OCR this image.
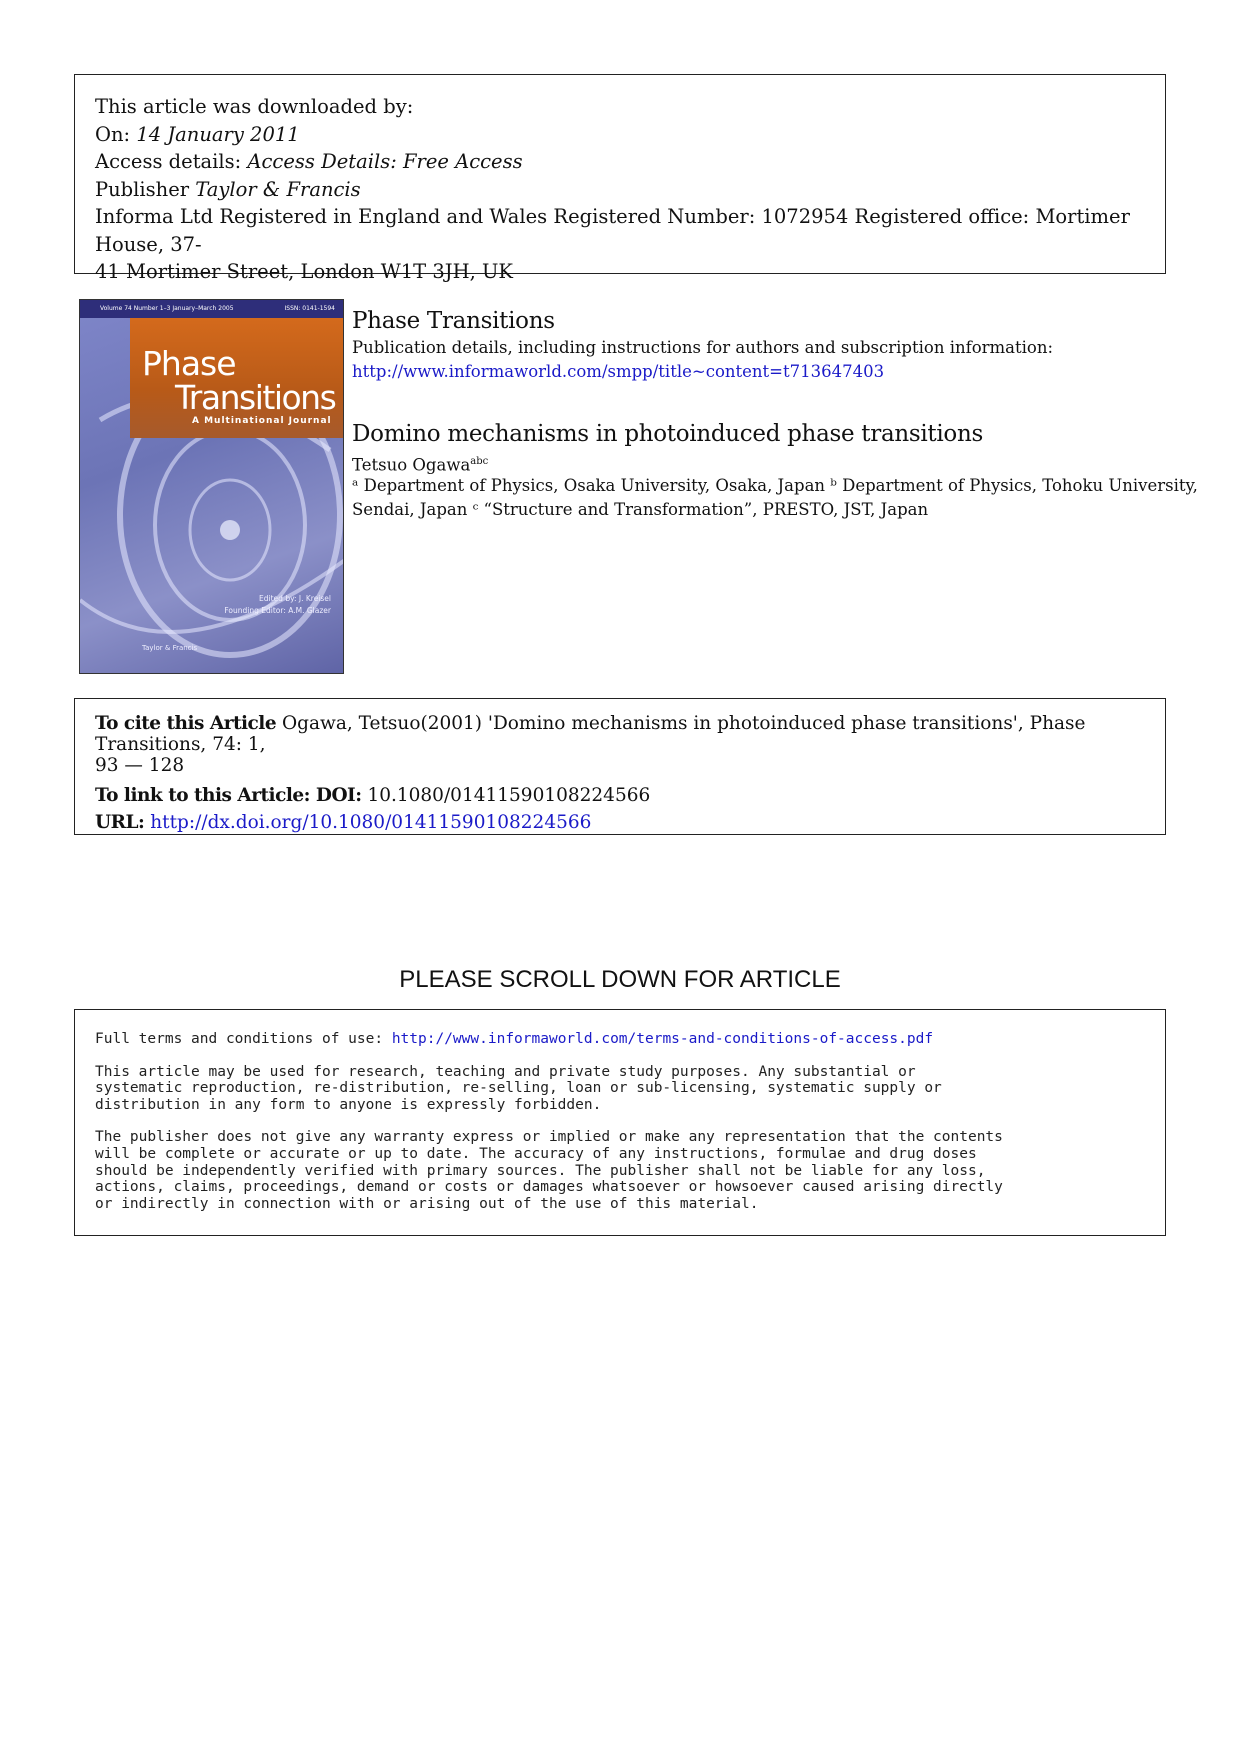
This article was downloaded by:
On: 14 January 2011
Access details: Access Details: Free Access
Publisher Taylor & Francis
Informa Ltd Registered in England and Wales Registered Number: 1072954 Registered office: Mortimer House, 37-
41 Mortimer Street, London W1T 3JH, UK
Volume 74 Number 1–3 January–March 2005	ISSN: 0141-1594
Phase
Transitions
A Multinational Journal
Edited by: J. Kreisel
Founding Editor: A.M. Glazer
Taylor & Francis
Phase Transitions
Publication details, including instructions for authors and subscription information:
http://www.informaworld.com/smpp/title~content=t713647403
Domino mechanisms in photoinduced phase transitions
Tetsuo Ogawa$^{abc}$
ᵃ Department of Physics, Osaka University, Osaka, Japan ᵇ Department of Physics, Tohoku University,
Sendai, Japan ᶜ “Structure and Transformation”, PRESTO, JST, Japan
To cite this Article Ogawa, Tetsuo(2001) 'Domino mechanisms in photoinduced phase transitions', Phase Transitions, 74: 1,
93 — 128
To link to this Article: DOI: 10.1080/01411590108224566
URL: http://dx.doi.org/10.1080/01411590108224566
PLEASE SCROLL DOWN FOR ARTICLE

Full terms and conditions of use: http://www.informaworld.com/terms-and-conditions-of-access.pdf

This article may be used for research, teaching and private study purposes. Any substantial or
systematic reproduction, re-distribution, re-selling, loan or sub-licensing, systematic supply or
distribution in any form to anyone is expressly forbidden.

The publisher does not give any warranty express or implied or make any representation that the contents
will be complete or accurate or up to date. The accuracy of any instructions, formulae and drug doses
should be independently verified with primary sources. The publisher shall not be liable for any loss,
actions, claims, proceedings, demand or costs or damages whatsoever or howsoever caused arising directly
or indirectly in connection with or arising out of the use of this material.
